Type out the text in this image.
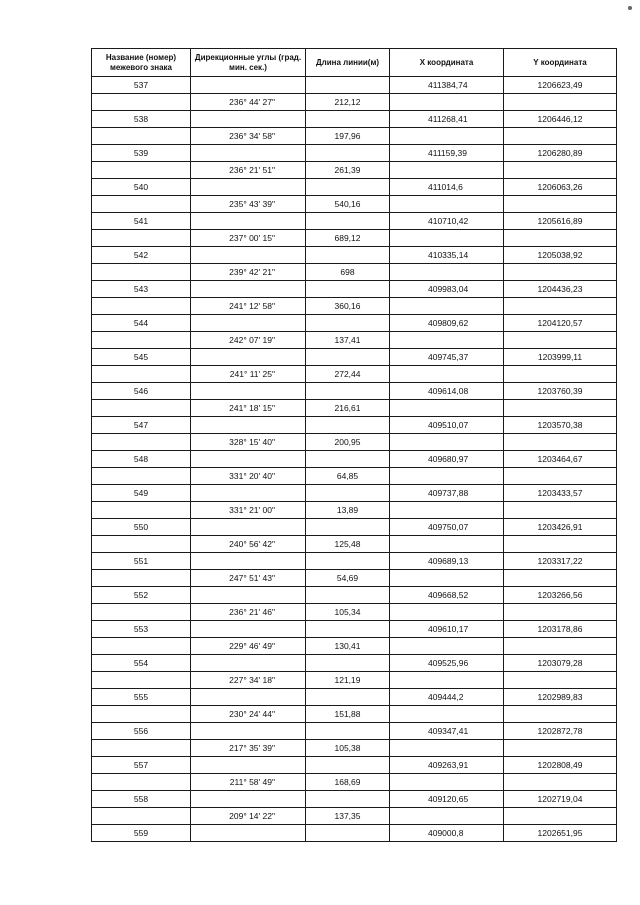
Название (номер) межевого знака	Дирекционные углы (град. мин. сек.)	Длина линии(м)	X координата	Y координата
537			411384,74	1206623,49
	236° 44' 27"	212,12		
538			411268,41	1206446,12
	236° 34' 58"	197,96		
539			411159,39	1206280,89
	236° 21' 51"	261,39		
540			411014,6	1206063,26
	235° 43' 39"	540,16		
541			410710,42	1205616,89
	237° 00' 15"	689,12		
542			410335,14	1205038,92
	239° 42' 21"	698		
543			409983,04	1204436,23
	241° 12' 58"	360,16		
544			409809,62	1204120,57
	242° 07' 19"	137,41		
545			409745,37	1203999,11
	241° 11' 25"	272,44		
546			409614,08	1203760,39
	241° 18' 15"	216,61		
547			409510,07	1203570,38
	328° 15' 40"	200,95		
548			409680,97	1203464,67
	331° 20' 40"	64,85		
549			409737,88	1203433,57
	331° 21' 00"	13,89		
550			409750,07	1203426,91
	240° 56' 42"	125,48		
551			409689,13	1203317,22
	247° 51' 43"	54,69		
552			409668,52	1203266,56
	236° 21' 46"	105,34		
553			409610,17	1203178,86
	229° 46' 49"	130,41		
554			409525,96	1203079,28
	227° 34' 18"	121,19		
555			409444,2	1202989,83
	230° 24' 44"	151,88		
556			409347,41	1202872,78
	217° 35' 39"	105,38		
557			409263,91	1202808,49
	211° 58' 49"	168,69		
558			409120,65	1202719,04
	209° 14' 22"	137,35		
559			409000,8	1202651,95
